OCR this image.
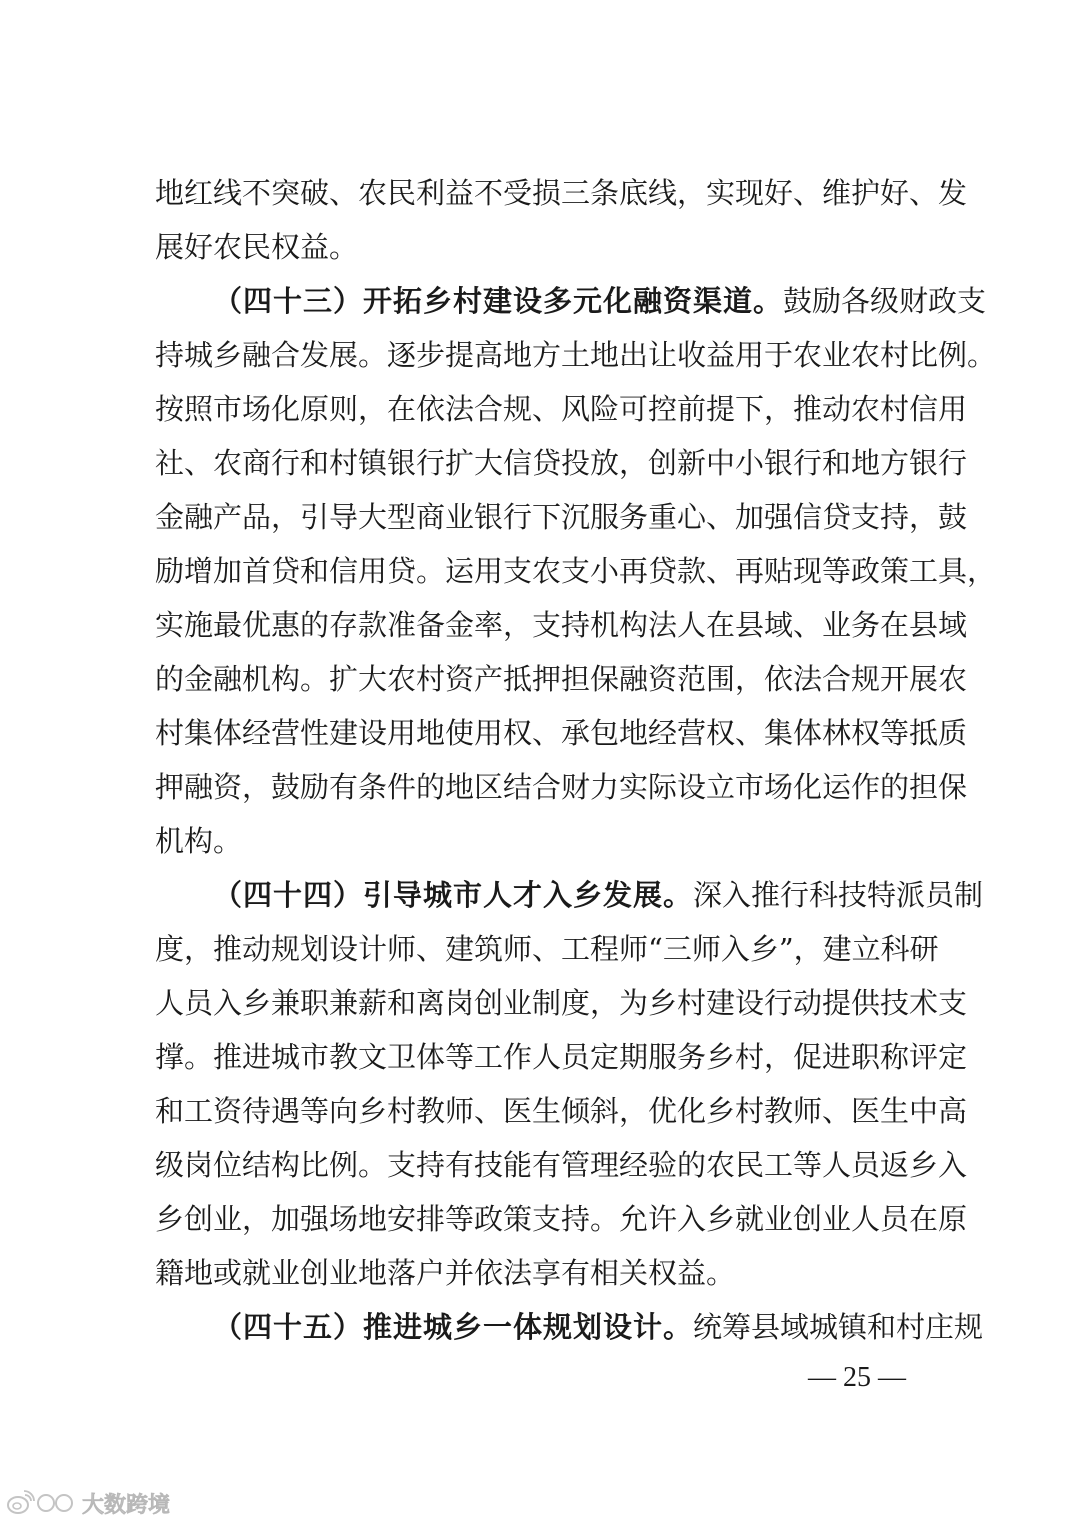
地红线不突破、农民利益不受损三条底线，实现好、维护好、发
展好农民权益。
（四十三）开拓乡村建设多元化融资渠道。鼓励各级财政支
持城乡融合发展。逐步提高地方土地出让收益用于农业农村比例。
按照市场化原则，在依法合规、风险可控前提下，推动农村信用
社、农商行和村镇银行扩大信贷投放，创新中小银行和地方银行
金融产品，引导大型商业银行下沉服务重心、加强信贷支持，鼓
励增加首贷和信用贷。运用支农支小再贷款、再贴现等政策工具，
实施最优惠的存款准备金率，支持机构法人在县域、业务在县域
的金融机构。扩大农村资产抵押担保融资范围，依法合规开展农
村集体经营性建设用地使用权、承包地经营权、集体林权等抵质
押融资，鼓励有条件的地区结合财力实际设立市场化运作的担保
机构。
（四十四）引导城市人才入乡发展。深入推行科技特派员制
度，推动规划设计师、建筑师、工程师“三师入乡”，建立科研
人员入乡兼职兼薪和离岗创业制度，为乡村建设行动提供技术支
撑。推进城市教文卫体等工作人员定期服务乡村，促进职称评定
和工资待遇等向乡村教师、医生倾斜，优化乡村教师、医生中高
级岗位结构比例。支持有技能有管理经验的农民工等人员返乡入
乡创业，加强场地安排等政策支持。允许入乡就业创业人员在原
籍地或就业创业地落户并依法享有相关权益。
（四十五）推进城乡一体规划设计。统筹县域城镇和村庄规
— 25 —
大数跨境
